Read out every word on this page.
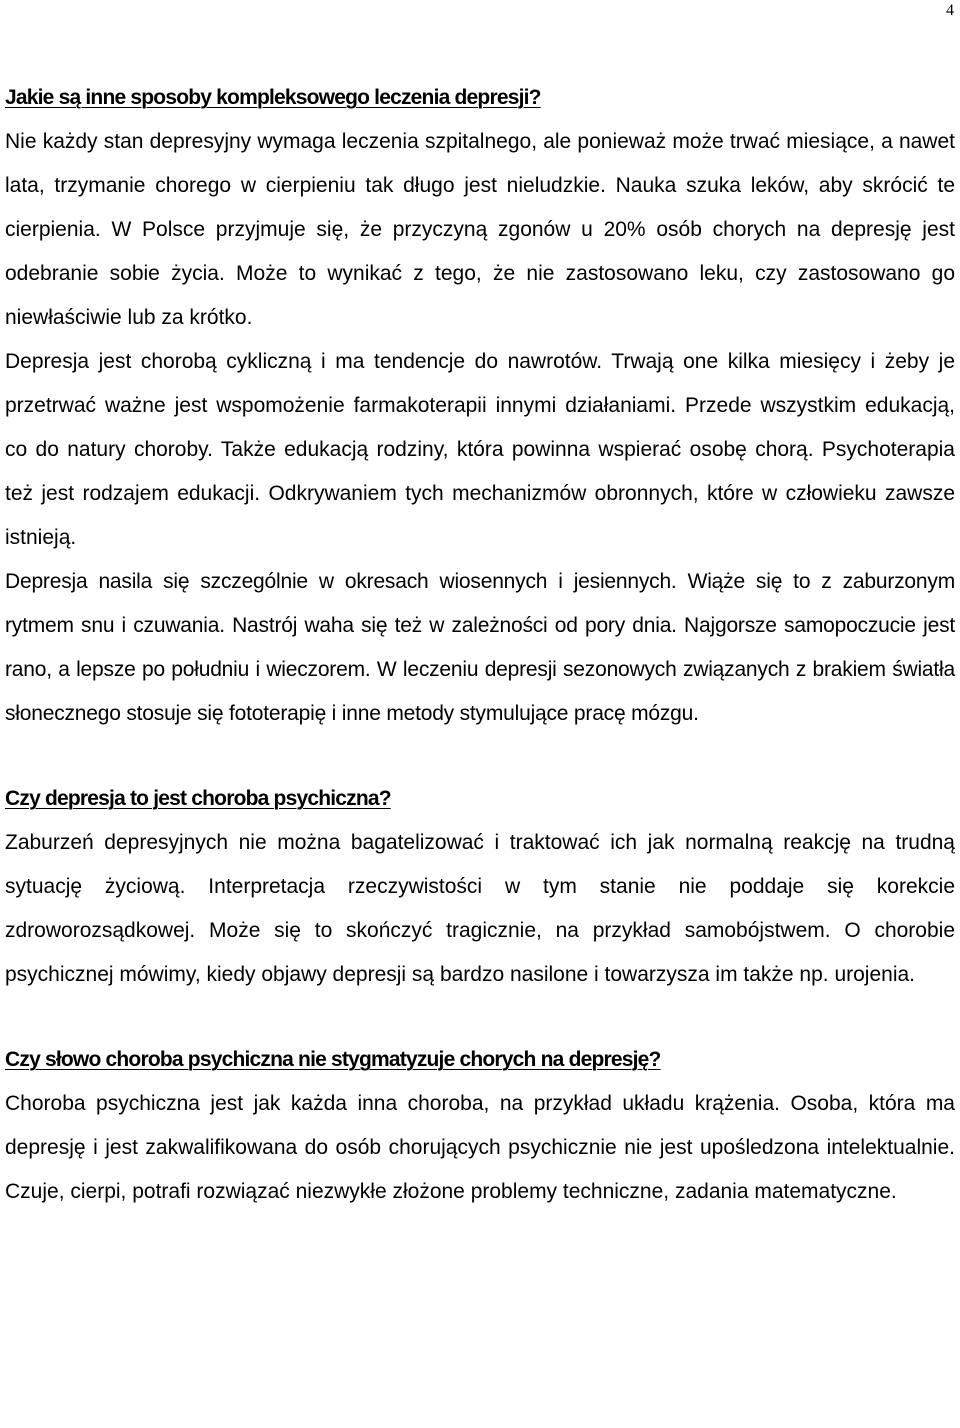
4
Jakie są inne sposoby kompleksowego leczenia depresji?

Nie każdy stan depresyjny wymaga leczenia szpitalnego, ale ponieważ może trwać miesiące, a nawet lata, trzymanie chorego w cierpieniu tak długo jest nieludzkie. Nauka szuka leków, aby skrócić te cierpienia. W Polsce przyjmuje się, że przyczyną zgonów u 20% osób chorych na depresję jest odebranie sobie życia. Może to wynikać z tego, że nie zastosowano leku, czy zastosowano go niewłaściwie lub za krótko.

Depresja jest chorobą cykliczną i ma tendencje do nawrotów. Trwają one kilka miesięcy i żeby je przetrwać ważne jest wspomożenie farmakoterapii innymi działaniami. Przede wszystkim edukacją, co do natury choroby. Także edukacją rodziny, która powinna wspierać osobę chorą. Psychoterapia też jest rodzajem edukacji. Odkrywaniem tych mechanizmów obronnych, które w człowieku zawsze istnieją.

Depresja nasila się szczególnie w okresach wiosennych i jesiennych. Wiąże się to z zaburzonym rytmem snu i czuwania. Nastrój waha się też w zależności od pory dnia. Najgorsze samopoczucie jest rano, a lepsze po południu i wieczorem. W leczeniu depresji sezonowych związanych z brakiem światła słonecznego stosuje się fototerapię i inne metody stymulujące pracę mózgu.

Czy depresja to jest choroba psychiczna?

Zaburzeń depresyjnych nie można bagatelizować i traktować ich jak normalną reakcję na trudną sytuację życiową. Interpretacja rzeczywistości w tym stanie nie poddaje się korekcie zdroworozsądkowej. Może się to skończyć tragicznie, na przykład samobójstwem. O chorobie psychicznej mówimy, kiedy objawy depresji są bardzo nasilone i towarzysza im także np. urojenia.

Czy słowo choroba psychiczna nie stygmatyzuje chorych na depresję?

Choroba psychiczna jest jak każda inna choroba, na przykład układu krążenia. Osoba, która ma depresję i jest zakwalifikowana do osób chorujących psychicznie nie jest upośledzona intelektualnie. Czuje, cierpi, potrafi rozwiązać niezwykłe złożone problemy techniczne, zadania matematyczne.
